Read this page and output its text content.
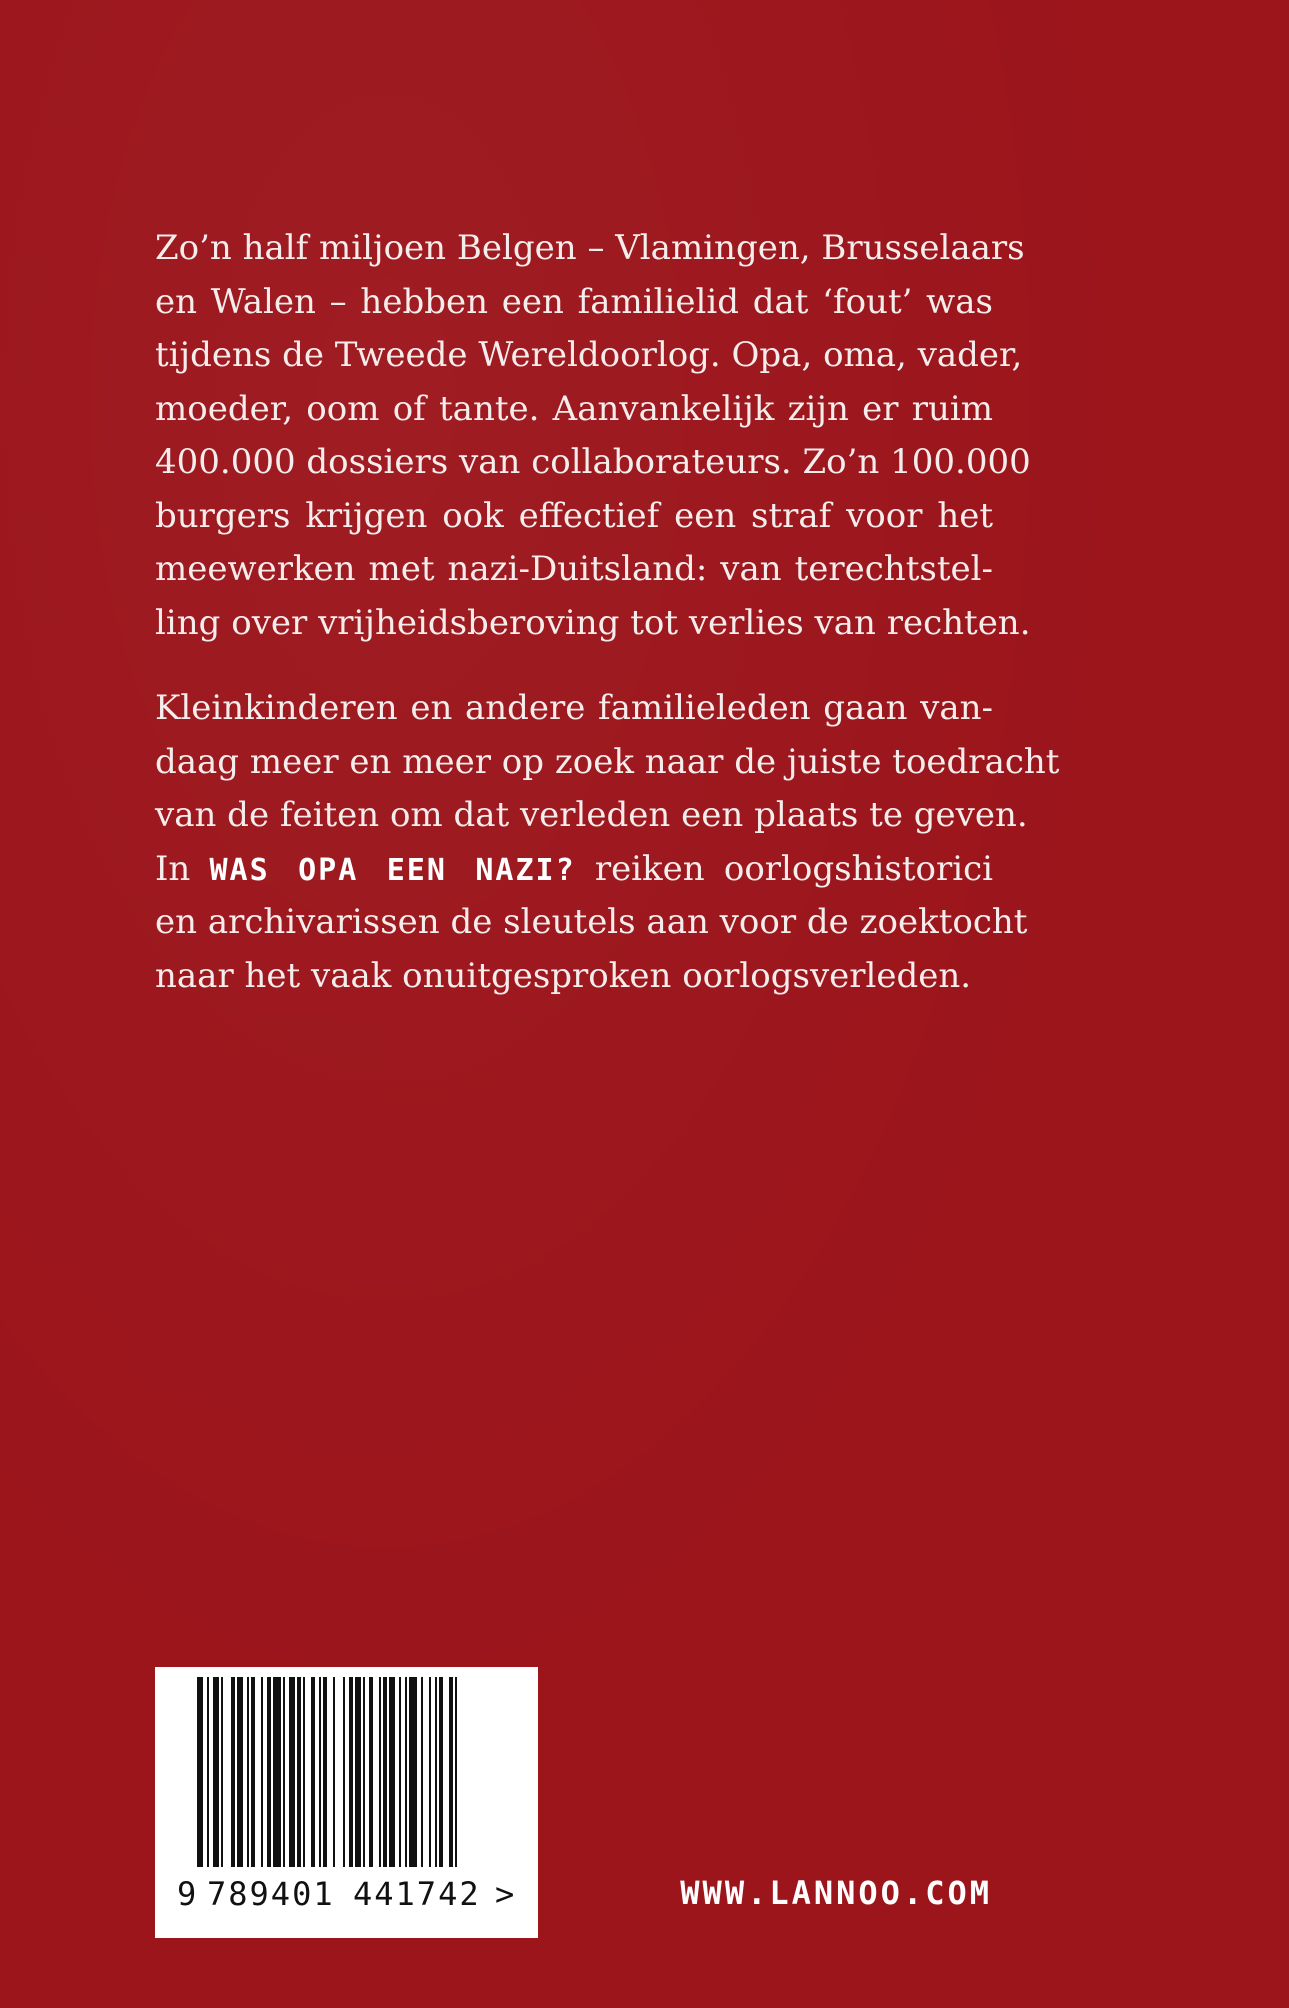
Zo’n half miljoen Belgen – Vlamingen, Brusselaars
en Walen – hebben een familielid dat ‘fout’ was
tijdens de Tweede Wereldoorlog. Opa, oma, vader,
moeder, oom of tante. Aanvankelijk zijn er ruim
400.000 dossiers van collaborateurs. Zo’n 100.000
burgers krijgen ook effectief een straf voor het
meewerken met nazi-Duitsland: van terechtstel-
ling over vrijheidsberoving tot verlies van rechten.
Kleinkinderen en andere familieleden gaan van-
daag meer en meer op zoek naar de juiste toedracht
van de feiten om dat verleden een plaats te geven.
In WAS OPA EEN NAZI? reiken oorlogshistorici
en archivarissen de sleutels aan voor de zoektocht
naar het vaak onuitgesproken oorlogsverleden.
9 789401 441742 >	WWW.LANNOO.COM
